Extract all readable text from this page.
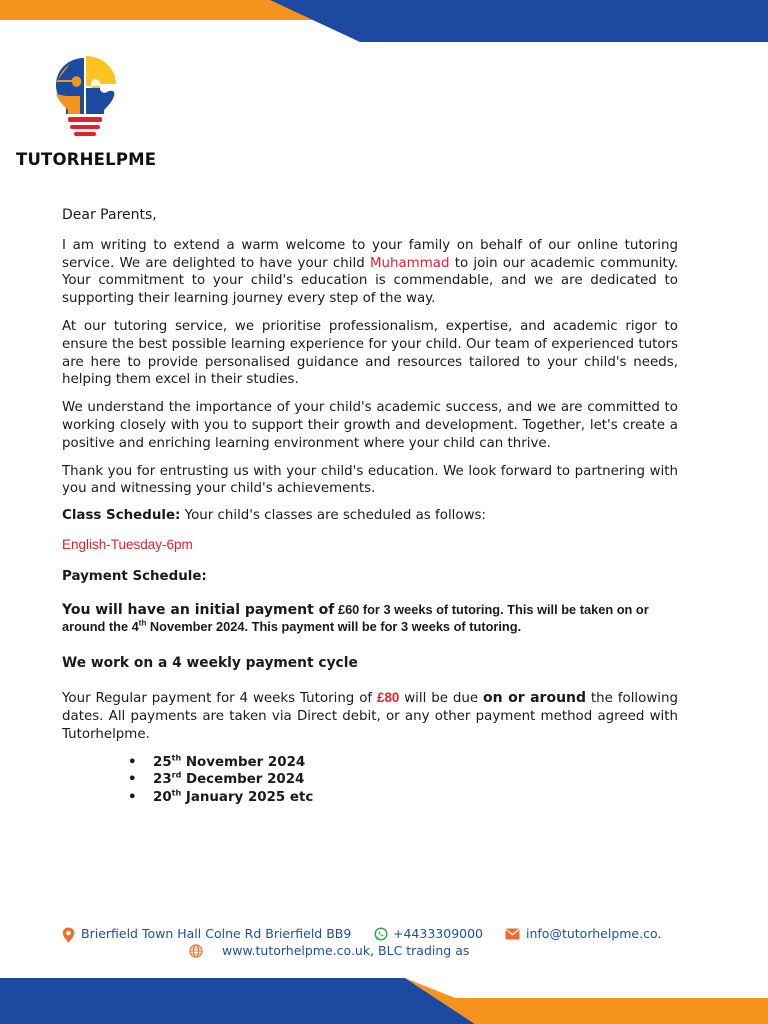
TUTORHELPME

Dear Parents,

I am writing to extend a warm welcome to your family on behalf of our online tutoring service. We are delighted to have your child Muhammad to join our academic community. Your commitment to your child's education is commendable, and we are dedicated to supporting their learning journey every step of the way.

At our tutoring service, we prioritise professionalism, expertise, and academic rigor to ensure the best possible learning experience for your child. Our team of experienced tutors are here to provide personalised guidance and resources tailored to your child's needs, helping them excel in their studies.

We understand the importance of your child's academic success, and we are committed to working closely with you to support their growth and development. Together, let's create a positive and enriching learning environment where your child can thrive.

Thank you for entrusting us with your child's education. We look forward to partnering with you and witnessing your child's achievements.

Class Schedule: Your child's classes are scheduled as follows:

English-Tuesday-6pm

Payment Schedule:

You will have an initial payment of £60 for 3 weeks of tutoring. This will be taken on or around the 4th November 2024. This payment will be for 3 weeks of tutoring.

We work on a 4 weekly payment cycle

Your Regular payment for 4 weeks Tutoring of £80 will be due on or around the following dates. All payments are taken via Direct debit, or any other payment method agreed with Tutorhelpme.

• 25th November 2024
• 23rd December 2024
• 20th January 2025 etc
Brierfield Town Hall Colne Rd Brierfield BB9	+4433309000	info@tutorhelpme.co.
www.tutorhelpme.co.uk, BLC trading as
